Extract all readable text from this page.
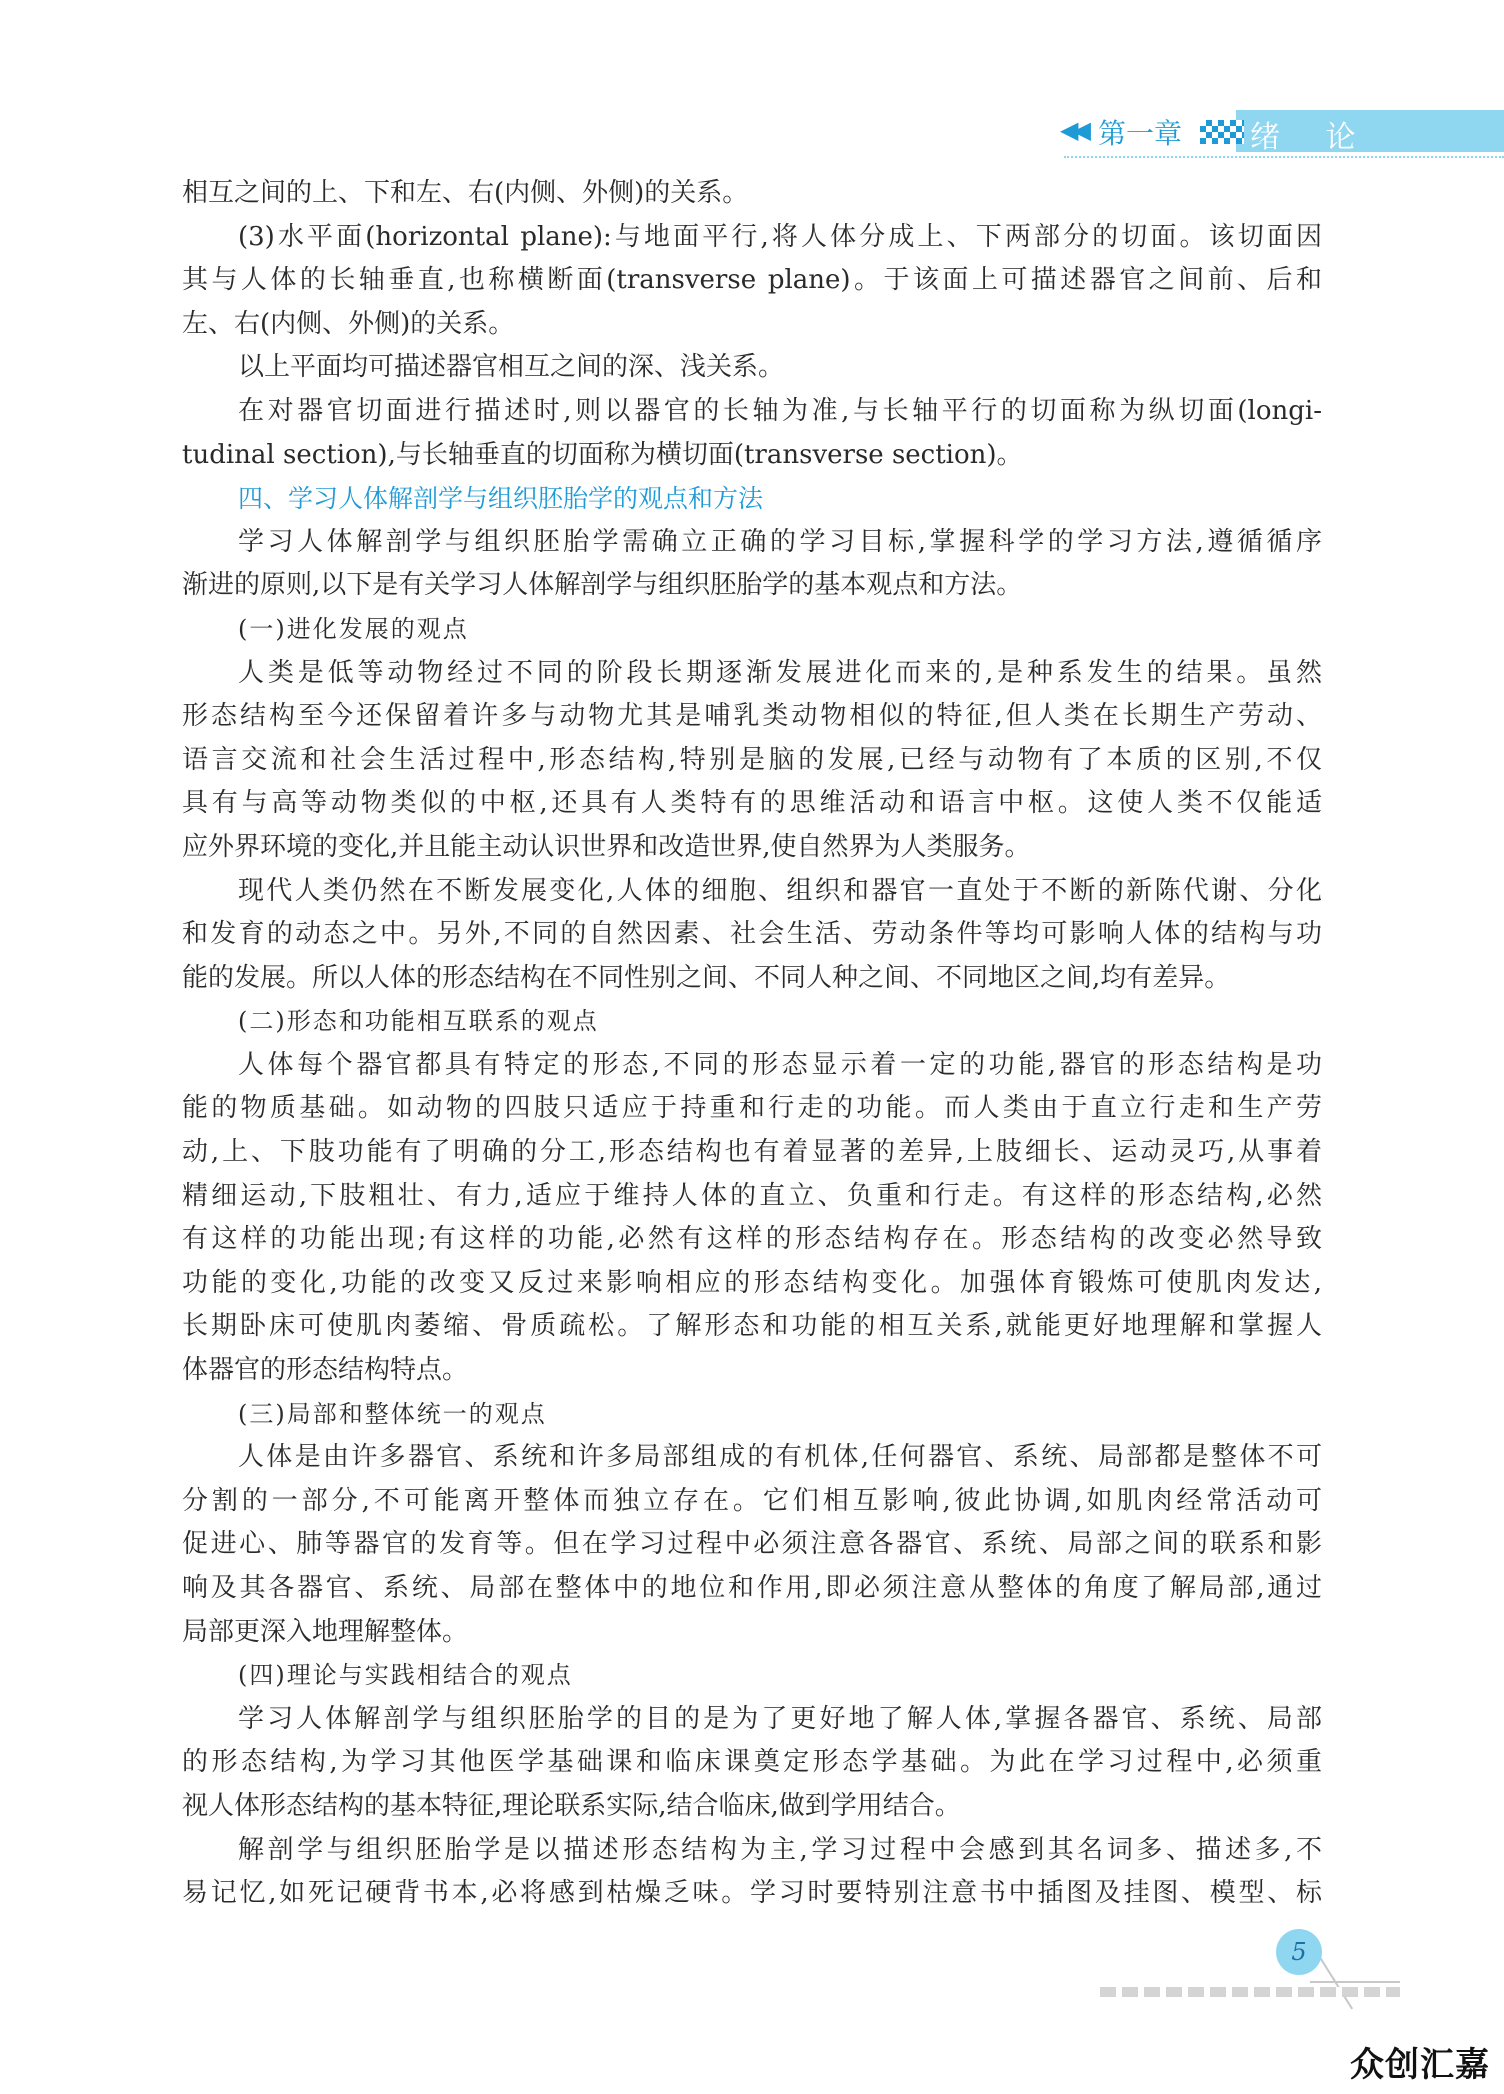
◀◀ 第一章 绪 论
相互之间的上、下和左、右(内侧、外侧)的关系。
(3)水平面(horizontal plane):与地面平行,将人体分成上、下两部分的切面。该切面因
其与人体的长轴垂直,也称横断面(transverse plane)。于该面上可描述器官之间前、后和
左、右(内侧、外侧)的关系。
以上平面均可描述器官相互之间的深、浅关系。
在对器官切面进行描述时,则以器官的长轴为准,与长轴平行的切面称为纵切面(longi-
tudinal section),与长轴垂直的切面称为横切面(transverse section)。
四、学习人体解剖学与组织胚胎学的观点和方法
学习人体解剖学与组织胚胎学需确立正确的学习目标,掌握科学的学习方法,遵循循序
渐进的原则,以下是有关学习人体解剖学与组织胚胎学的基本观点和方法。
(一)进化发展的观点
人类是低等动物经过不同的阶段长期逐渐发展进化而来的,是种系发生的结果。虽然
形态结构至今还保留着许多与动物尤其是哺乳类动物相似的特征,但人类在长期生产劳动、
语言交流和社会生活过程中,形态结构,特别是脑的发展,已经与动物有了本质的区别,不仅
具有与高等动物类似的中枢,还具有人类特有的思维活动和语言中枢。这使人类不仅能适
应外界环境的变化,并且能主动认识世界和改造世界,使自然界为人类服务。
现代人类仍然在不断发展变化,人体的细胞、组织和器官一直处于不断的新陈代谢、分化
和发育的动态之中。另外,不同的自然因素、社会生活、劳动条件等均可影响人体的结构与功
能的发展。所以人体的形态结构在不同性别之间、不同人种之间、不同地区之间,均有差异。
(二)形态和功能相互联系的观点
人体每个器官都具有特定的形态,不同的形态显示着一定的功能,器官的形态结构是功
能的物质基础。如动物的四肢只适应于持重和行走的功能。而人类由于直立行走和生产劳
动,上、下肢功能有了明确的分工,形态结构也有着显著的差异,上肢细长、运动灵巧,从事着
精细运动,下肢粗壮、有力,适应于维持人体的直立、负重和行走。有这样的形态结构,必然
有这样的功能出现;有这样的功能,必然有这样的形态结构存在。形态结构的改变必然导致
功能的变化,功能的改变又反过来影响相应的形态结构变化。加强体育锻炼可使肌肉发达,
长期卧床可使肌肉萎缩、骨质疏松。了解形态和功能的相互关系,就能更好地理解和掌握人
体器官的形态结构特点。
(三)局部和整体统一的观点
人体是由许多器官、系统和许多局部组成的有机体,任何器官、系统、局部都是整体不可
分割的一部分,不可能离开整体而独立存在。它们相互影响,彼此协调,如肌肉经常活动可
促进心、肺等器官的发育等。但在学习过程中必须注意各器官、系统、局部之间的联系和影
响及其各器官、系统、局部在整体中的地位和作用,即必须注意从整体的角度了解局部,通过
局部更深入地理解整体。
(四)理论与实践相结合的观点
学习人体解剖学与组织胚胎学的目的是为了更好地了解人体,掌握各器官、系统、局部
的形态结构,为学习其他医学基础课和临床课奠定形态学基础。为此在学习过程中,必须重
视人体形态结构的基本特征,理论联系实际,结合临床,做到学用结合。
解剖学与组织胚胎学是以描述形态结构为主,学习过程中会感到其名词多、描述多,不
易记忆,如死记硬背书本,必将感到枯燥乏味。学习时要特别注意书中插图及挂图、模型、标
5
众创汇嘉
